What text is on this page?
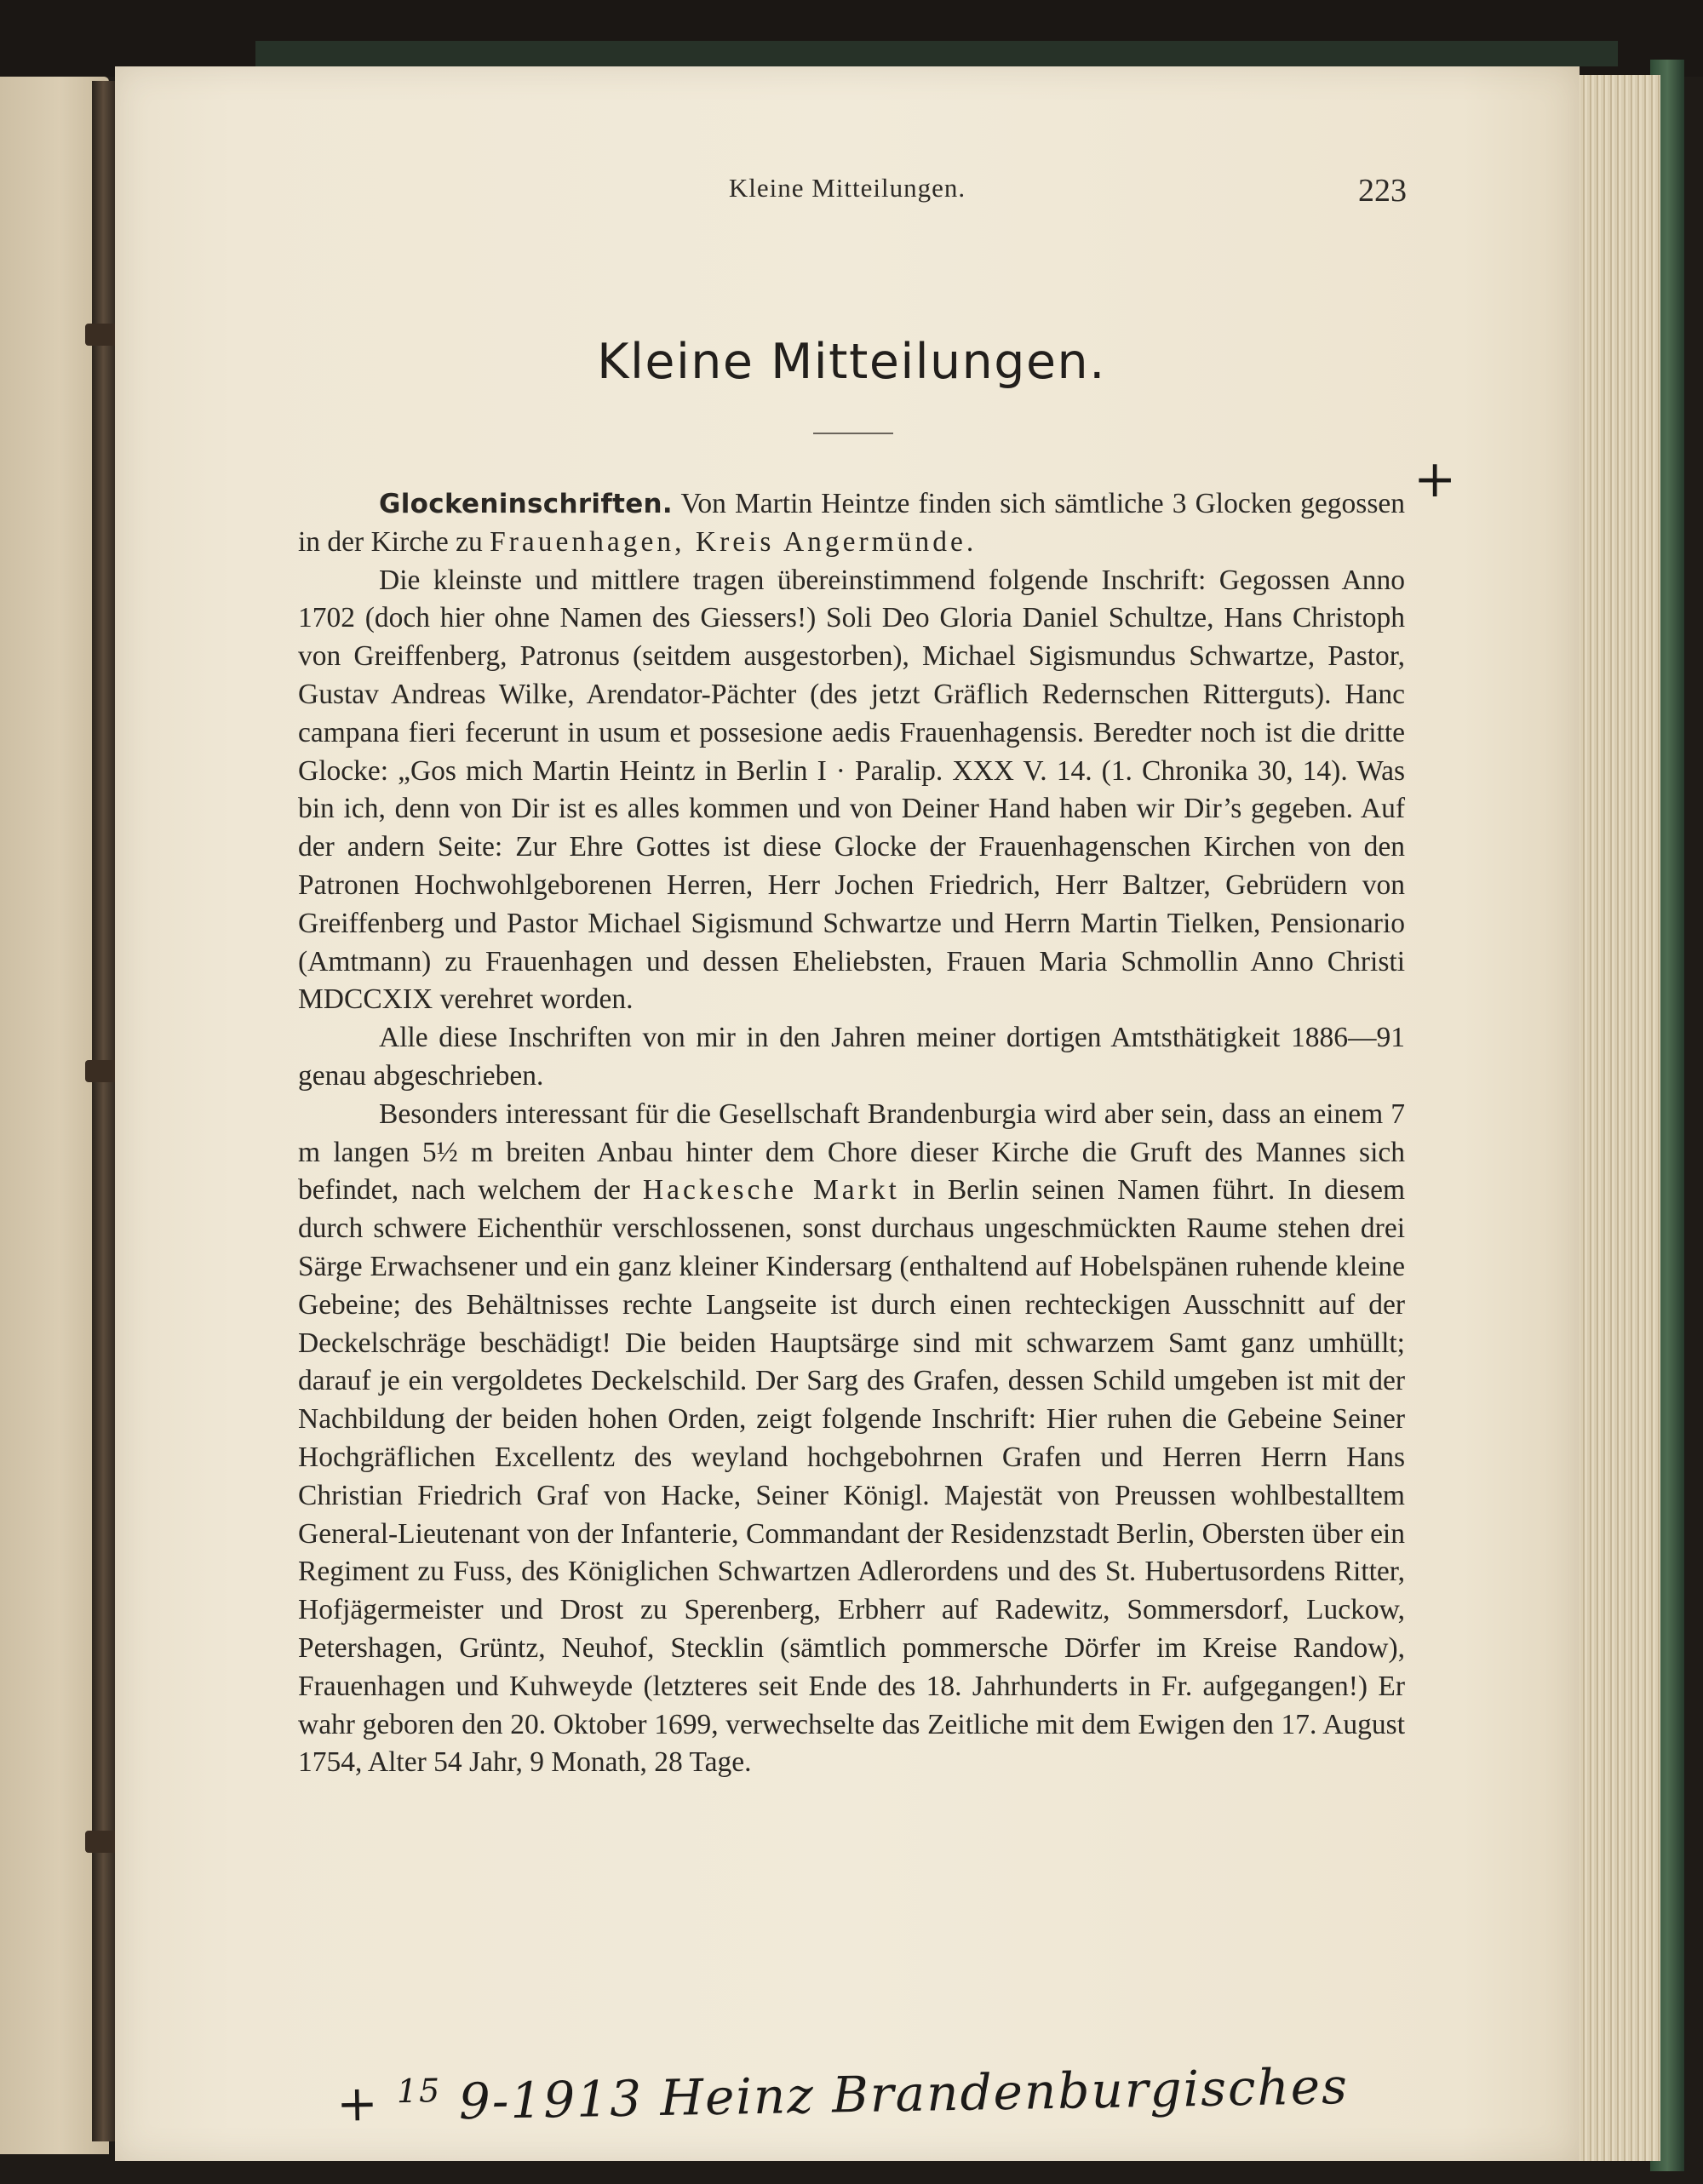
Kleine Mitteilungen.	223
Kleine Mitteilungen.
+

Glockeninschriften. Von Martin Heintze finden sich sämtliche 3 Glocken gegossen in der Kirche zu Frauenhagen, Kreis Angermünde.

Die kleinste und mittlere tragen übereinstimmend folgende Inschrift: Gegossen Anno 1702 (doch hier ohne Namen des Giessers!) Soli Deo Gloria Daniel Schultze, Hans Christoph von Greiffenberg, Patronus (seitdem ausgestorben), Michael Sigismundus Schwartze, Pastor, Gustav Andreas Wilke, Arendator-Pächter (des jetzt Gräflich Redernschen Ritterguts). Hanc campana fieri fecerunt in usum et possesione aedis Frauenhagensis. Beredter noch ist die dritte Glocke: „Gos mich Martin Heintz in Berlin I · Paralip. XXX V. 14. (1. Chronika 30, 14). Was bin ich, denn von Dir ist es alles kommen und von Deiner Hand haben wir Dir’s gegeben. Auf der andern Seite: Zur Ehre Gottes ist diese Glocke der Frauenhagenschen Kirchen von den Patronen Hochwohlgeborenen Herren, Herr Jochen Friedrich, Herr Baltzer, Gebrüdern von Greiffenberg und Pastor Michael Sigismund Schwartze und Herrn Martin Tielken, Pensionario (Amtmann) zu Frauenhagen und dessen Eheliebsten, Frauen Maria Schmollin Anno Christi MDCCXIX verehret worden.

Alle diese Inschriften von mir in den Jahren meiner dortigen Amtsthätigkeit 1886—91 genau abgeschrieben.

Besonders interessant für die Gesellschaft Brandenburgia wird aber sein, dass an einem 7 m langen 5½ m breiten Anbau hinter dem Chore dieser Kirche die Gruft des Mannes sich befindet, nach welchem der Hackesche Markt in Berlin seinen Namen führt. In diesem durch schwere Eichenthür verschlossenen, sonst durchaus ungeschmückten Raume stehen drei Särge Erwachsener und ein ganz kleiner Kindersarg (enthaltend auf Hobelspänen ruhende kleine Gebeine; des Behältnisses rechte Langseite ist durch einen rechteckigen Ausschnitt auf der Deckelschräge beschädigt! Die beiden Hauptsärge sind mit schwarzem Samt ganz umhüllt; darauf je ein vergoldetes Deckelschild. Der Sarg des Grafen, dessen Schild umgeben ist mit der Nachbildung der beiden hohen Orden, zeigt folgende Inschrift: Hier ruhen die Gebeine Seiner Hochgräflichen Excellentz des weyland hochgebohrnen Grafen und Herren Herrn Hans Christian Friedrich Graf von Hacke, Seiner Königl. Majestät von Preussen wohlbestalltem General-Lieutenant von der Infanterie, Commandant der Residenzstadt Berlin, Obersten über ein Regiment zu Fuss, des Königlichen Schwartzen Adlerordens und des St. Hubertusordens Ritter, Hofjägermeister und Drost zu Sperenberg, Erbherr auf Radewitz, Sommersdorf, Luckow, Petershagen, Grüntz, Neuhof, Stecklin (sämtlich pommersche Dörfer im Kreise Randow), Frauenhagen und Kuhweyde (letzteres seit Ende des 18. Jahrhunderts in Fr. aufgegangen!) Er wahr geboren den 20. Oktober 1699, verwechselte das Zeitliche mit dem Ewigen den 17. August 1754, Alter 54 Jahr, 9 Monath, 28 Tage.

+ $^{15}$ 9-1913 Heinz Brandenburgisches
